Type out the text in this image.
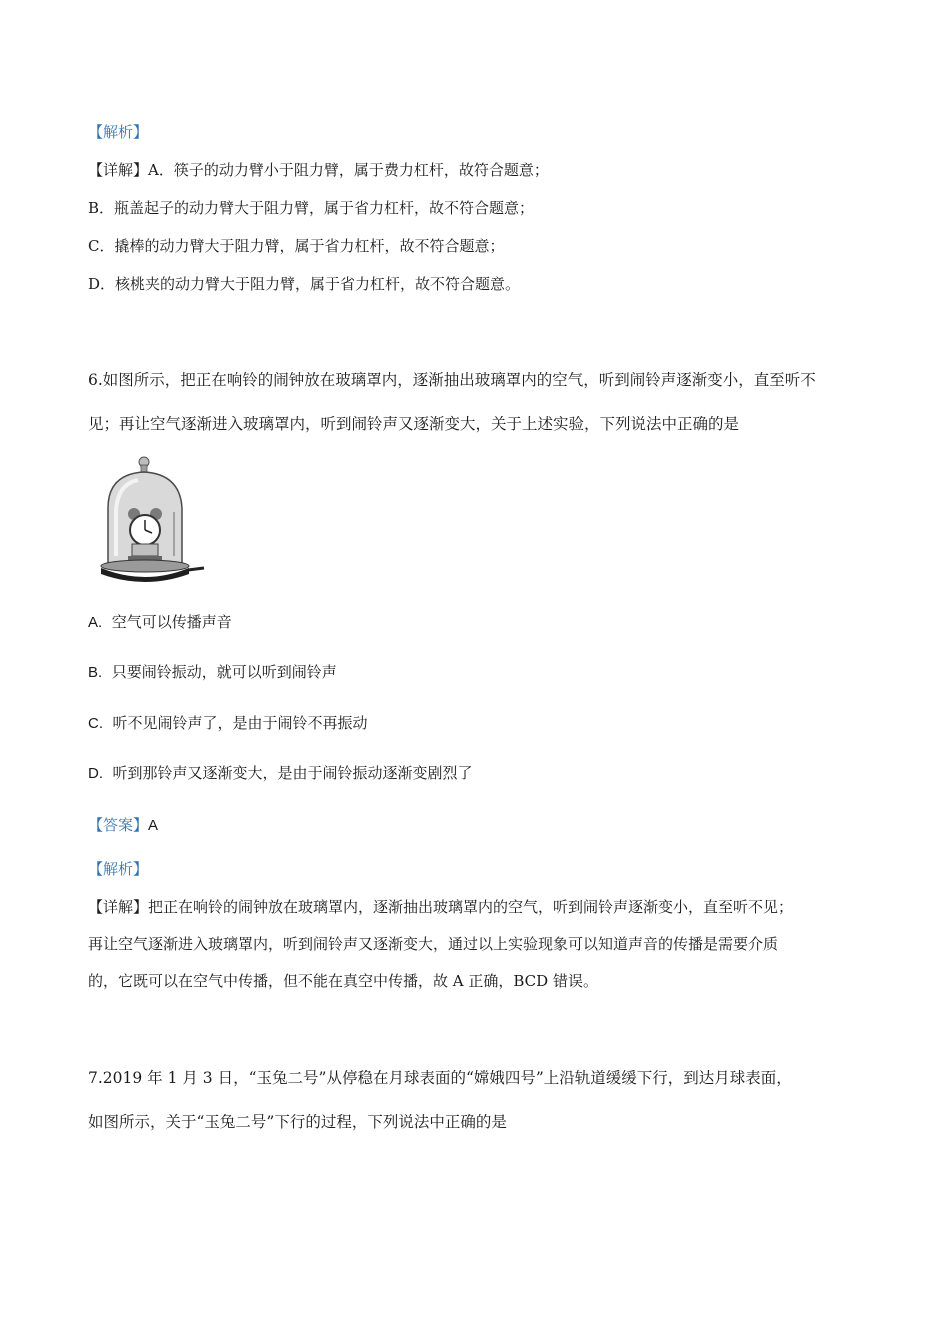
【解析】
【详解】A．筷子的动力臂小于阻力臂，属于费力杠杆，故符合题意；
B．瓶盖起子的动力臂大于阻力臂，属于省力杠杆，故不符合题意；
C．撬棒的动力臂大于阻力臂，属于省力杠杆，故不符合题意；
D．核桃夹的动力臂大于阻力臂，属于省力杠杆，故不符合题意。
6.如图所示，把正在响铃的闹钟放在玻璃罩内，逐渐抽出玻璃罩内的空气，听到闹铃声逐渐变小，直至听不
见；再让空气逐渐进入玻璃罩内，听到闹铃声又逐渐变大，关于上述实验，下列说法中正确的是
A. 空气可以传播声音
B. 只要闹铃振动，就可以听到闹铃声
C. 听不见闹铃声了，是由于闹铃不再振动
D. 听到那铃声又逐渐变大，是由于闹铃振动逐渐变剧烈了
【答案】A
【解析】
【详解】把正在响铃的闹钟放在玻璃罩内，逐渐抽出玻璃罩内的空气，听到闹铃声逐渐变小，直至听不见；
再让空气逐渐进入玻璃罩内，听到闹铃声又逐渐变大，通过以上实验现象可以知道声音的传播是需要介质
的，它既可以在空气中传播，但不能在真空中传播，故 A 正确，BCD 错误。
7.2019 年 1 月 3 日，“玉兔二号”从停稳在月球表面的“嫦娥四号”上沿轨道缓缓下行，到达月球表面，
如图所示，关于“玉兔二号”下行的过程，下列说法中正确的是
